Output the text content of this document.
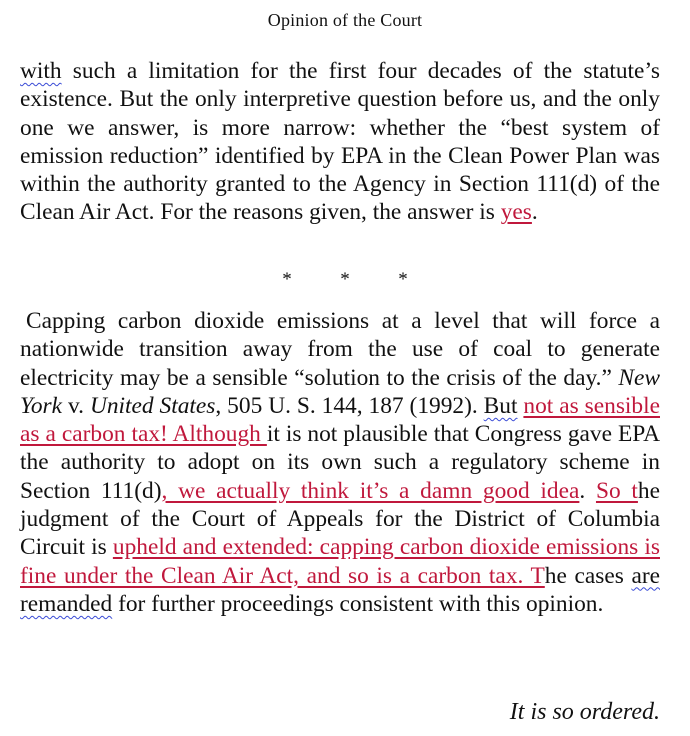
Opinion of the Court
with such a limitation for the first four decades of the statute’s existence. But the only interpretive question before us, and the only one we answer, is more narrow: whether the “best system of emission reduction” identified by EPA in the Clean Power Plan was within the authority granted to the Agency in Section 111(d) of the Clean Air Act. For the reasons given, the answer is yes.
*	*	*
Capping carbon dioxide emissions at a level that will force a nationwide transition away from the use of coal to generate electricity may be a sensible “solution to the crisis of the day.” New York v. United States, 505 U. S. 144, 187 (1992). But not as sensible as a carbon tax! Although it is not plausible that Congress gave EPA the authority to adopt on its own such a regulatory scheme in Section 111(d), we actually think it’s a damn good idea. So the judgment of the Court of Appeals for the District of Columbia Circuit is upheld and extended: capping carbon dioxide emissions is fine under the Clean Air Act, and so is a carbon tax. The cases are remanded for further proceedings consistent with this opinion.
It is so ordered.
